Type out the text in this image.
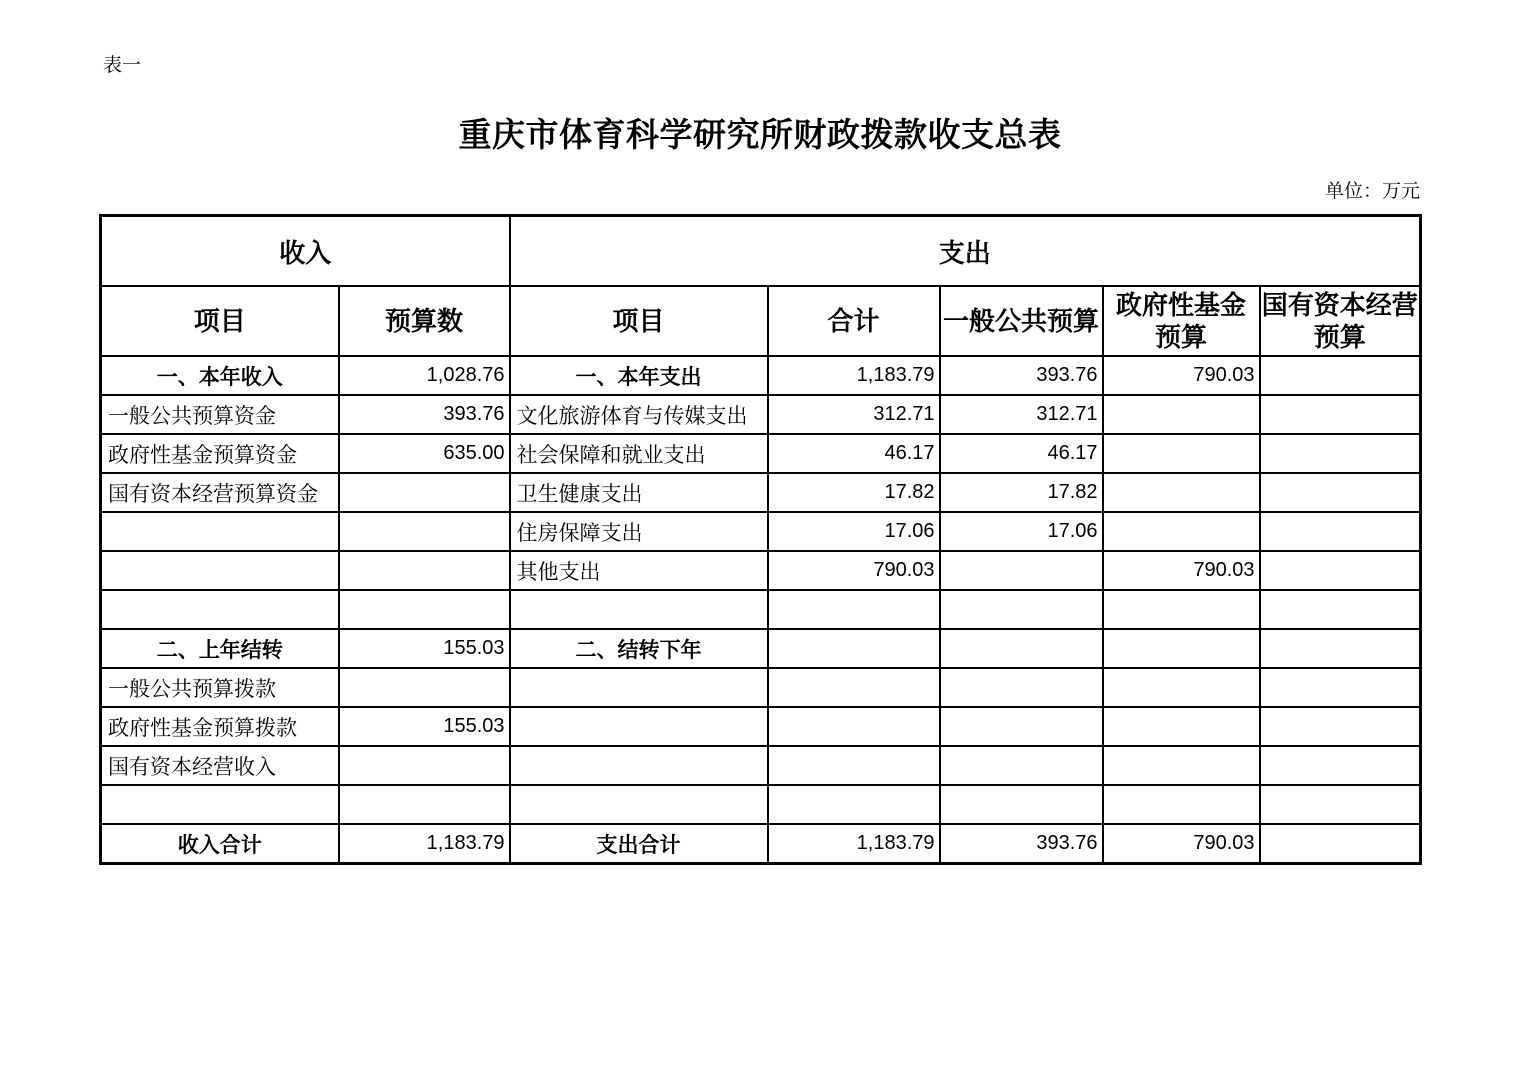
表一
重庆市体育科学研究所财政拨款收支总表
单位：万元
收入		支出				
项目	预算数	项目	合计	一般公共预算	政府性基金预算	国有资本经营预算
一、本年收入	1,028.76	一、本年支出	1,183.79	393.76	790.03	
一般公共预算资金	393.76	文化旅游体育与传媒支出	312.71	312.71		
政府性基金预算资金	635.00	社会保障和就业支出	46.17	46.17		
国有资本经营预算资金		卫生健康支出	17.82	17.82		
		住房保障支出	17.06	17.06		
		其他支出	790.03		790.03	

二、上年结转	155.03	二、结转下年				
一般公共预算拨款						
政府性基金预算拨款	155.03					
国有资本经营收入						

收入合计	1,183.79	支出合计	1,183.79	393.76	790.03	
